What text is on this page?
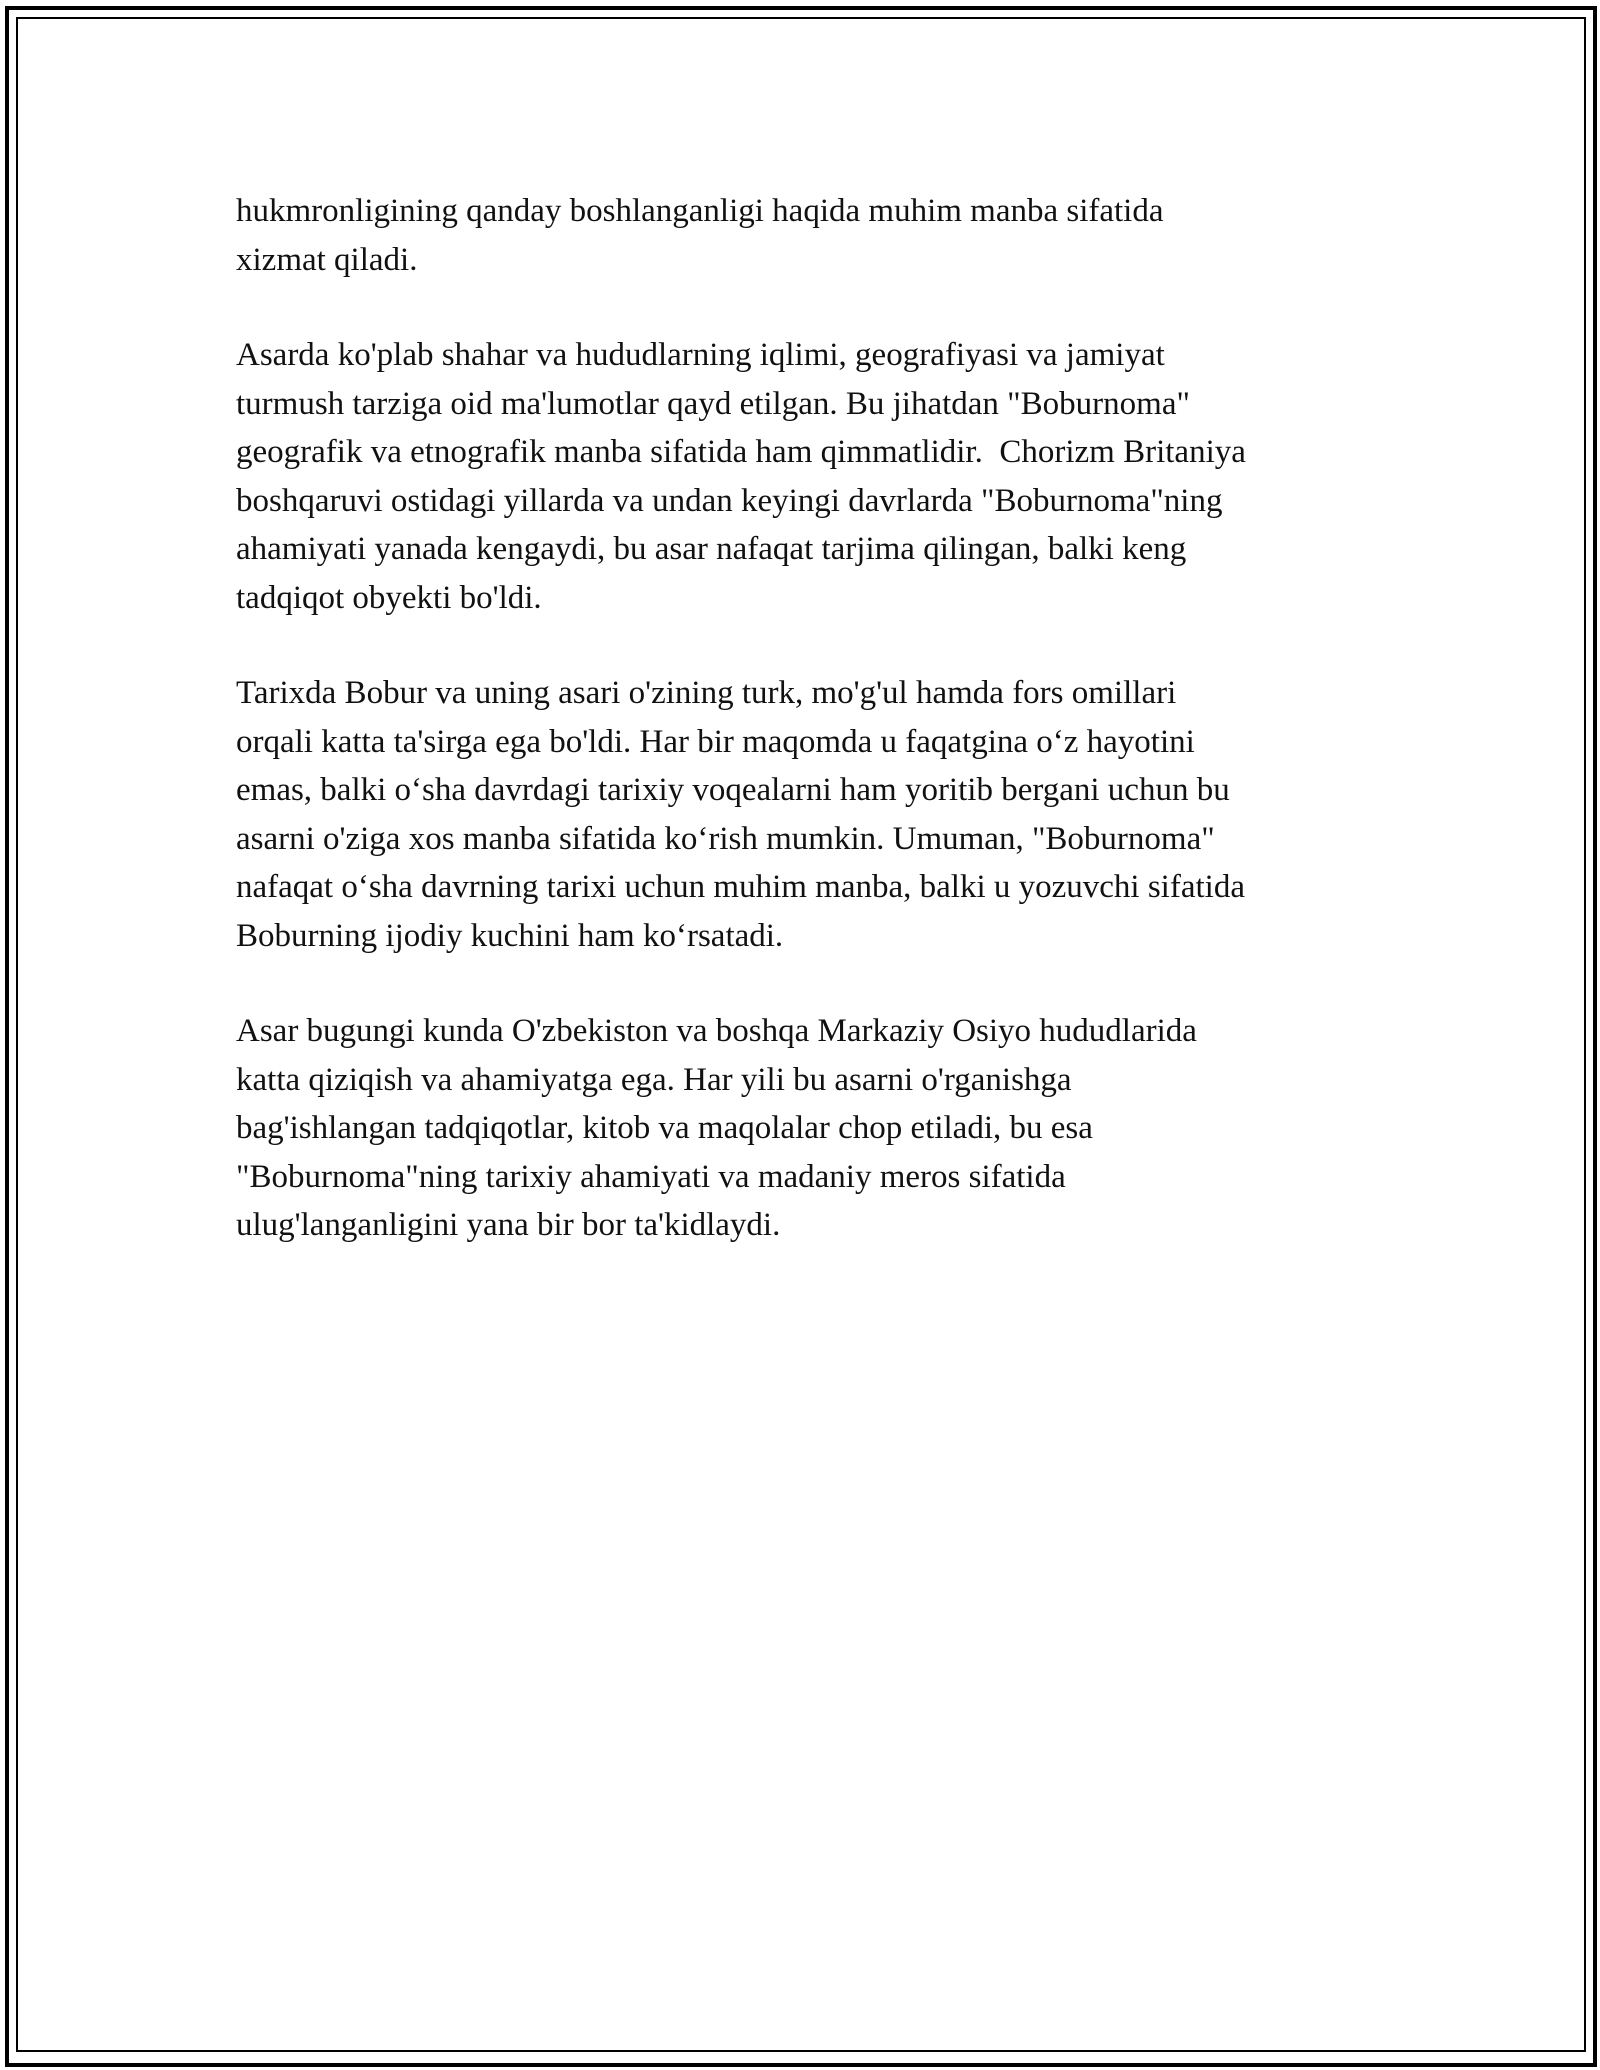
hukmronligining qanday boshlanganligi haqida muhim manba sifatida
xizmat qiladi.

Asarda ko'plab shahar va hududlarning iqlimi, geografiyasi va jamiyat
turmush tarziga oid ma'lumotlar qayd etilgan. Bu jihatdan "Boburnoma"
geografik va etnografik manba sifatida ham qimmatlidir.  Chorizm Britaniya
boshqaruvi ostidagi yillarda va undan keyingi davrlarda "Boburnoma"ning
ahamiyati yanada kengaydi, bu asar nafaqat tarjima qilingan, balki keng
tadqiqot obyekti bo'ldi.

Tarixda Bobur va uning asari o'zining turk, mo'g'ul hamda fors omillari
orqali katta ta'sirga ega bo'ldi. Har bir maqomda u faqatgina o‘z hayotini
emas, balki o‘sha davrdagi tarixiy voqealarni ham yoritib bergani uchun bu
asarni o'ziga xos manba sifatida ko‘rish mumkin. Umuman, "Boburnoma"
nafaqat o‘sha davrning tarixi uchun muhim manba, balki u yozuvchi sifatida
Boburning ijodiy kuchini ham ko‘rsatadi.

Asar bugungi kunda O'zbekiston va boshqa Markaziy Osiyo hududlarida
katta qiziqish va ahamiyatga ega. Har yili bu asarni o'rganishga
bag'ishlangan tadqiqotlar, kitob va maqolalar chop etiladi, bu esa
"Boburnoma"ning tarixiy ahamiyati va madaniy meros sifatida
ulug'langanligini yana bir bor ta'kidlaydi.
